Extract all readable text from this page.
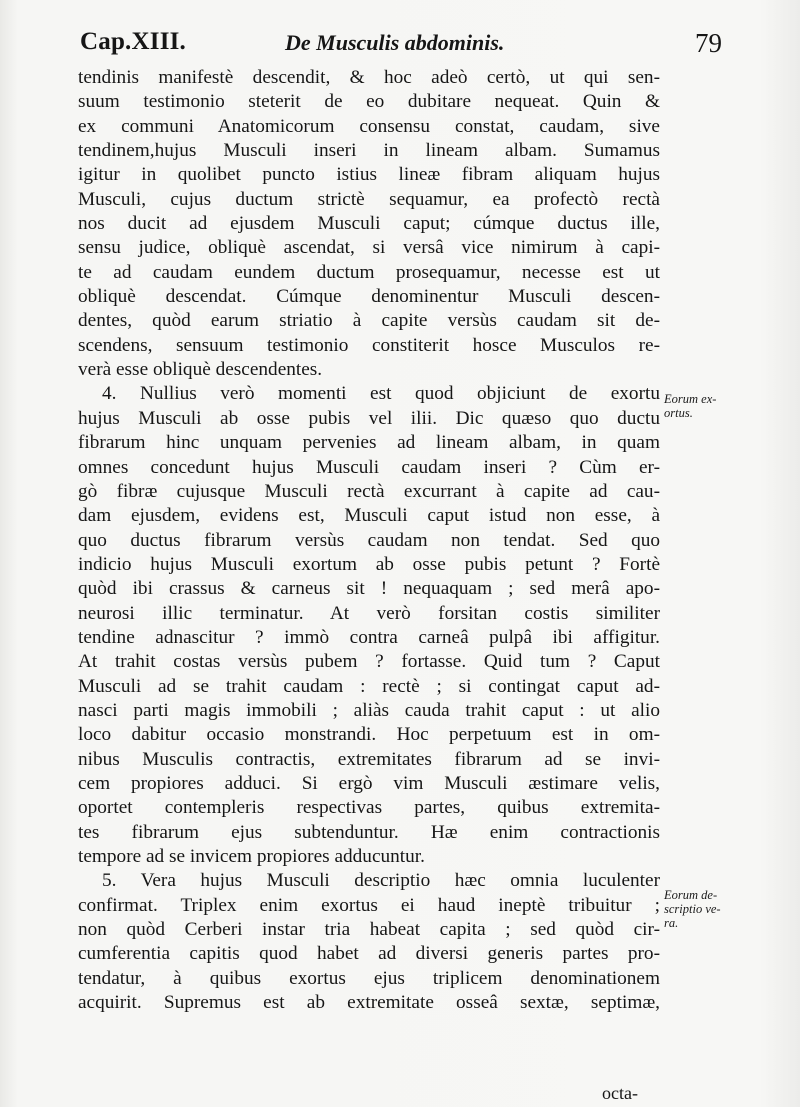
Cap.XIII.	De Musculis abdominis.	79
tendinis manifestè descendit, & hoc adeò certò, ut qui sen-
suum testimonio steterit de eo dubitare nequeat. Quin &
ex communi Anatomicorum consensu constat, caudam, sive
tendinem,hujus Musculi inseri in lineam albam. Sumamus
igitur in quolibet puncto istius lineæ fibram aliquam hujus
Musculi, cujus ductum strictè sequamur, ea profectò rectà
nos ducit ad ejusdem Musculi caput; cúmque ductus ille,
sensu judice, obliquè ascendat, si versâ vice nimirum à capi-
te ad caudam eundem ductum prosequamur, necesse est ut
obliquè descendat. Cúmque denominentur Musculi descen-
dentes, quòd earum striatio à capite versùs caudam sit de-
scendens, sensuum testimonio constiterit hosce Musculos re-
verà esse obliquè descendentes.
4. Nullius verò momenti est quod objiciunt de exortu
hujus Musculi ab osse pubis vel ilii. Dic quæso quo ductu
fibrarum hinc unquam pervenies ad lineam albam, in quam
omnes concedunt hujus Musculi caudam inseri ? Cùm er-
gò fibræ cujusque Musculi rectà excurrant à capite ad cau-
dam ejusdem, evidens est, Musculi caput istud non esse, à
quo ductus fibrarum versùs caudam non tendat. Sed quo
indicio hujus Musculi exortum ab osse pubis petunt ? Fortè
quòd ibi crassus & carneus sit ! nequaquam ; sed merâ apo-
neurosi illic terminatur. At verò forsitan costis similiter
tendine adnascitur ? immò contra carneâ pulpâ ibi affigitur.
At trahit costas versùs pubem ? fortasse. Quid tum ? Caput
Musculi ad se trahit caudam : rectè ; si contingat caput ad-
nasci parti magis immobili ; aliàs cauda trahit caput : ut alio
loco dabitur occasio monstrandi. Hoc perpetuum est in om-
nibus Musculis contractis, extremitates fibrarum ad se invi-
cem propiores adduci. Si ergò vim Musculi æstimare velis,
oportet contempleris respectivas partes, quibus extremita-
tes fibrarum ejus subtenduntur. Hæ enim contractionis
tempore ad se invicem propiores adducuntur.
5. Vera hujus Musculi descriptio hæc omnia luculenter
confirmat. Triplex enim exortus ei haud ineptè tribuitur ;
non quòd Cerberi instar tria habeat capita ; sed quòd cir-
cumferentia capitis quod habet ad diversi generis partes pro-
tendatur, à quibus exortus ejus triplicem denominationem
acquirit. Supremus est ab extremitate osseâ sextæ, septimæ,
Eorum ex-
ortus.
Eorum de-
scriptio ve-
ra.
octa-
